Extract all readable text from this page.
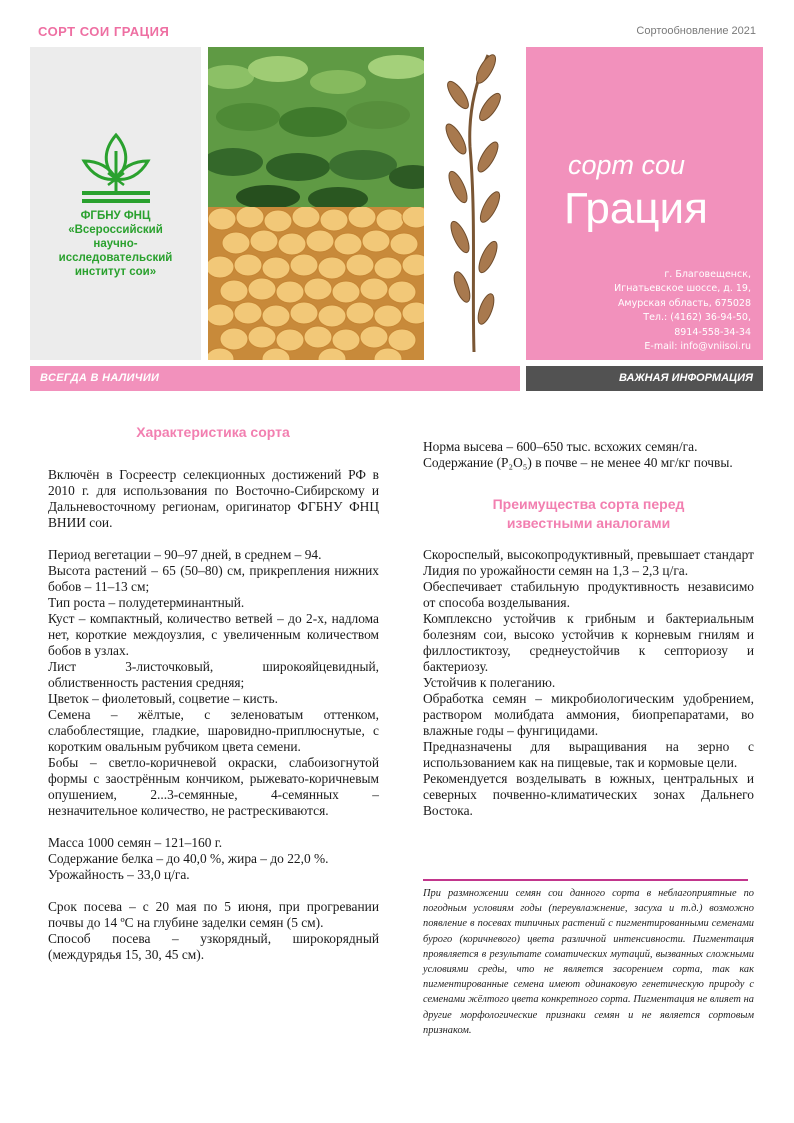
СОРТ СОИ ГРАЦИЯ	Сортообновление 2021
ФГБНУ ФНЦ
«Всероссийский
научно-
исследовательский
институт сои»
сорт сои
Грация
г. Благовещенск,
Игнатьевское шоссе, д. 19,
Амурская область, 675028
Тел.: (4162) 36-94-50,
8914-558-34-34
E-mail: info@vniisoi.ru
ВСЕГДА В НАЛИЧИИ	ВАЖНАЯ ИНФОРМАЦИЯ
Характеристика сорта

Включён в Госреестр селекционных достижений РФ в 2010 г. для использования по Восточно-Сибирскому и Дальневосточному регионам, оригинатор ФГБНУ ФНЦ ВНИИ сои.

Период вегетации – 90–97 дней, в среднем – 94.

Высота растений – 65 (50–80) см, прикрепления нижних бобов – 11–13 см;

Тип роста – полудетерминантный.

Куст – компактный, количество ветвей – до 2-х, надлома нет, короткие междоузлия, с увеличенным количеством бобов в узлах.

Лист 3-листочковый, широкояйцевидный, облиственность растения средняя;

Цветок – фиолетовый, соцветие – кисть.

Семена – жёлтые, с зеленоватым оттенком, слабоблестящие, гладкие, шаровидно-приплюснутые, с коротким овальным рубчиком цвета семени.

Бобы – светло-коричневой окраски, слабоизогнутой формы с заострённым кончиком, рыжевато-коричневым опушением, 2...3-семянные, 4-семянных – незначительное количество, не растрескиваются.

Масса 1000 семян – 121–160 г.

Содержание белка – до 40,0 %, жира – до 22,0 %.

Урожайность – 33,0 ц/га.

Срок посева – с 20 мая по 5 июня, при прогревании почвы до 14 ºC на глубине заделки семян (5 см).

Способ посева – узкорядный, широкорядный (междурядья 15, 30, 45 см).

Норма высева – 600–650 тыс. всхожих семян/га.

Содержание (P₂O₅) в почве – не менее 40 мг/кг почвы.

Преимущества сорта перед
известными аналогами

Скороспелый, высокопродуктивный, превышает стандарт Лидия по урожайности семян на 1,3 – 2,3 ц/га.

Обеспечивает стабильную продуктивность независимо от способа возделывания.

Комплексно устойчив к грибным и бактериальным болезням сои, высоко устойчив к корневым гнилям и филлостиктозу, среднеустойчив к септориозу и бактериозу.

Устойчив к полеганию.

Обработка семян – микробиологическим удобрением, раствором молибдата аммония, биопрепаратами, во влажные годы – фунгицидами.

Предназначены для выращивания на зерно с использованием как на пищевые, так и кормовые цели.

Рекомендуется возделывать в южных, центральных и северных почвенно-климатических зонах Дальнего Востока.

При размножении семян сои данного сорта в неблагоприятные по погодным условиям годы (переувлажнение, засуха и т.д.) возможно появление в посевах типичных растений с пигментированными семенами бурого (коричневого) цвета различной интенсивности. Пигментация проявляется в результате соматических мутаций, вызванных сложными условиями среды, что не является засорением сорта, так как пигментированные семена имеют одинаковую генетическую природу с семенами жёлтого цвета конкретного сорта. Пигментация не влияет на другие морфологические признаки семян и не является сортовым признаком.
